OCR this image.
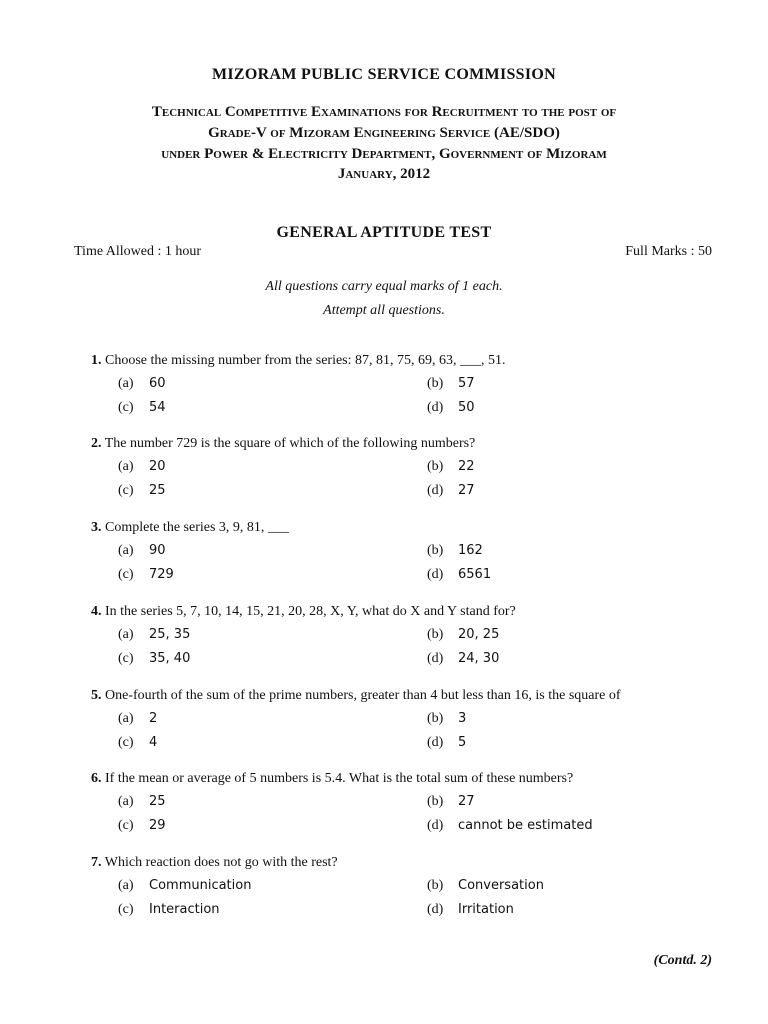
MIZORAM PUBLIC SERVICE COMMISSION
Technical Competitive Examinations for Recruitment to the post of
Grade-V of Mizoram Engineering Service (AE/SDO)
under Power & Electricity Department, Government of Mizoram
January, 2012
GENERAL APTITUDE TEST
Time Allowed : 1 hour	Full Marks : 50
All questions carry equal marks of 1 each.
Attempt all questions.
1. Choose the missing number from the series: 87, 81, 75, 69, 63, ___, 51.
(a) 60	(b) 57
(c) 54	(d) 50
2. The number 729 is the square of which of the following numbers?
(a) 20	(b) 22
(c) 25	(d) 27
3. Complete the series 3, 9, 81, ___
(a) 90	(b) 162
(c) 729	(d) 6561
4. In the series 5, 7, 10, 14, 15, 21, 20, 28, X, Y, what do X and Y stand for?
(a) 25, 35	(b) 20, 25
(c) 35, 40	(d) 24, 30
5. One-fourth of the sum of the prime numbers, greater than 4 but less than 16, is the square of
(a) 2	(b) 3
(c) 4	(d) 5
6. If the mean or average of 5 numbers is 5.4. What is the total sum of these numbers?
(a) 25	(b) 27
(c) 29	(d) cannot be estimated
7. Which reaction does not go with the rest?
(a) Communication	(b) Conversation
(c) Interaction	(d) Irritation
(Contd. 2)
